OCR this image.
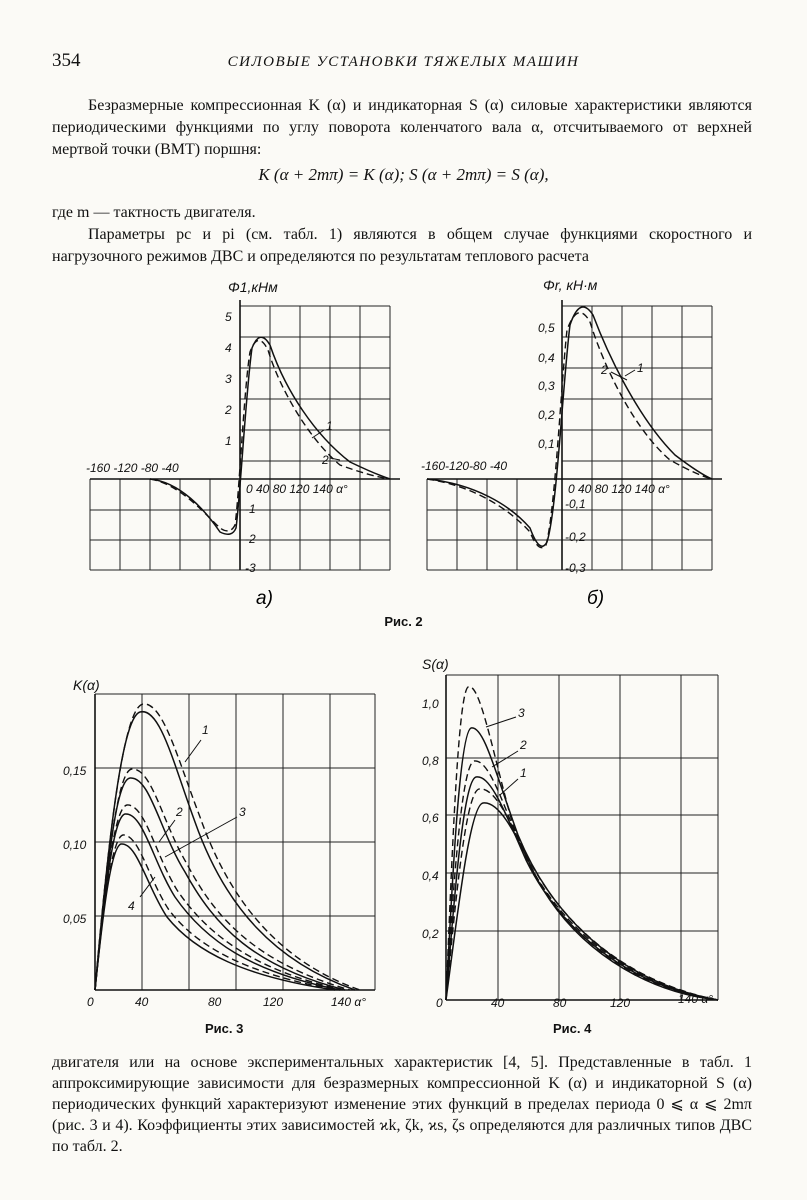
354	СИЛОВЫЕ УСТАНОВКИ ТЯЖЕЛЫХ МАШИН
Безразмерные компрессионная K (α) и индикаторная S (α) силовые характеристики являются периодическими функциями по углу поворота коленчатого вала α, отсчитываемого от верхней мертвой точки (ВМТ) поршня:
K (α + 2mπ) = K (α); S (α + 2mπ) = S (α),
где m — тактность двигателя.
Параметры pc и pi (см. табл. 1) являются в общем случае функциями скоростного и нагрузочного режимов ДВС и определяются по результатам теплового расчета
Φ1,кНм
-160 -120 -80 -40
0 40 80 120 140 α°
5
4
3
2
1
-1
-2
-3
1
2
а)
Φr, кН·м
-160-120-80 -40
0 40 80 120 140 α°
0,5
0,4
0,3
0,2
0,1
-0,1
-0,2
-0,3
2 1
б)
Рис. 2
K(α)
0,15
0,10
0,05
0	40	80	120	140 α°
1
2	3
4
Рис. 3
S(α)
1,0
0,8
0,6
0,4
0,2
0	40	80	120	140 α°
3
2
1
Рис. 4
двигателя или на основе экспериментальных характеристик [4, 5]. Представленные в табл. 1 аппроксимирующие зависимости для безразмерных компрессионной K (α) и индикаторной S (α) периодических функций характеризуют изменение этих функций в пределах периода 0 ⩽ α ⩽ 2mπ (рис. 3 и 4). Коэффициенты этих зависимостей ϰk, ζk, ϰs, ζs определяются для различных типов ДВС по табл. 2.
